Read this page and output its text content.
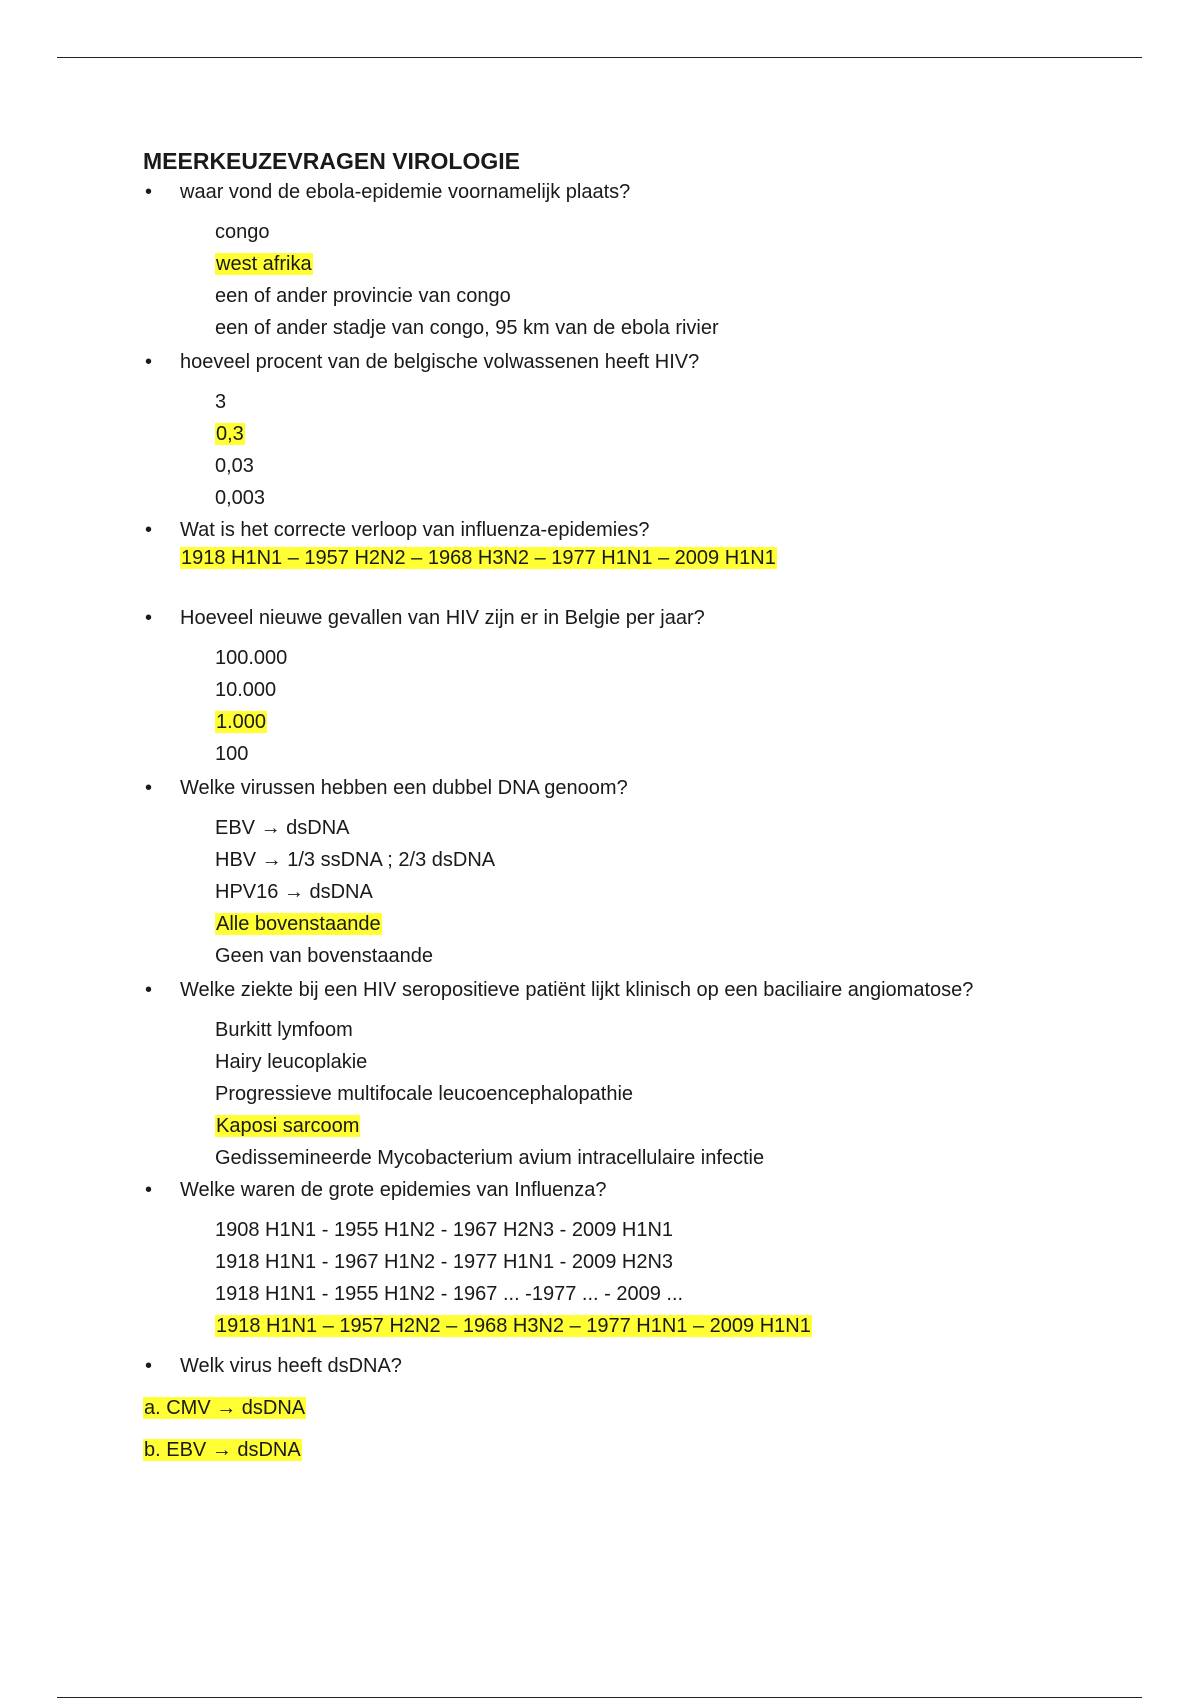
MEERKEUZEVRAGEN VIROLOGIE
• waar vond de ebola-epidemie voornamelijk plaats?
congo
west afrika
een of ander provincie van congo
een of ander stadje van congo, 95 km van de ebola rivier
• hoeveel procent van de belgische volwassenen heeft HIV?
3
0,3
0,03
0,003
• Wat is het correcte verloop van influenza-epidemies?
1918 H1N1 – 1957 H2N2 – 1968 H3N2 – 1977 H1N1 – 2009 H1N1
• Hoeveel nieuwe gevallen van HIV zijn er in Belgie per jaar?
100.000
10.000
1.000
100
• Welke virussen hebben een dubbel DNA genoom?
EBV → dsDNA
HBV → 1/3 ssDNA ; 2/3 dsDNA
HPV16 → dsDNA
Alle bovenstaande
Geen van bovenstaande
• Welke ziekte bij een HIV seropositieve patiënt lijkt klinisch op een baciliaire angiomatose?
Burkitt lymfoom
Hairy leucoplakie
Progressieve multifocale leucoencephalopathie
Kaposi sarcoom
Gedissemineerde Mycobacterium avium intracellulaire infectie
• Welke waren de grote epidemies van Influenza?
1908 H1N1 - 1955 H1N2 - 1967 H2N3 - 2009 H1N1
1918 H1N1 - 1967 H1N2 - 1977 H1N1 - 2009 H2N3
1918 H1N1 - 1955 H1N2 - 1967 ... -1977 ... - 2009 ...
1918 H1N1 – 1957 H2N2 – 1968 H3N2 – 1977 H1N1 – 2009 H1N1
• Welk virus heeft dsDNA?
a. CMV → dsDNA
b. EBV → dsDNA
